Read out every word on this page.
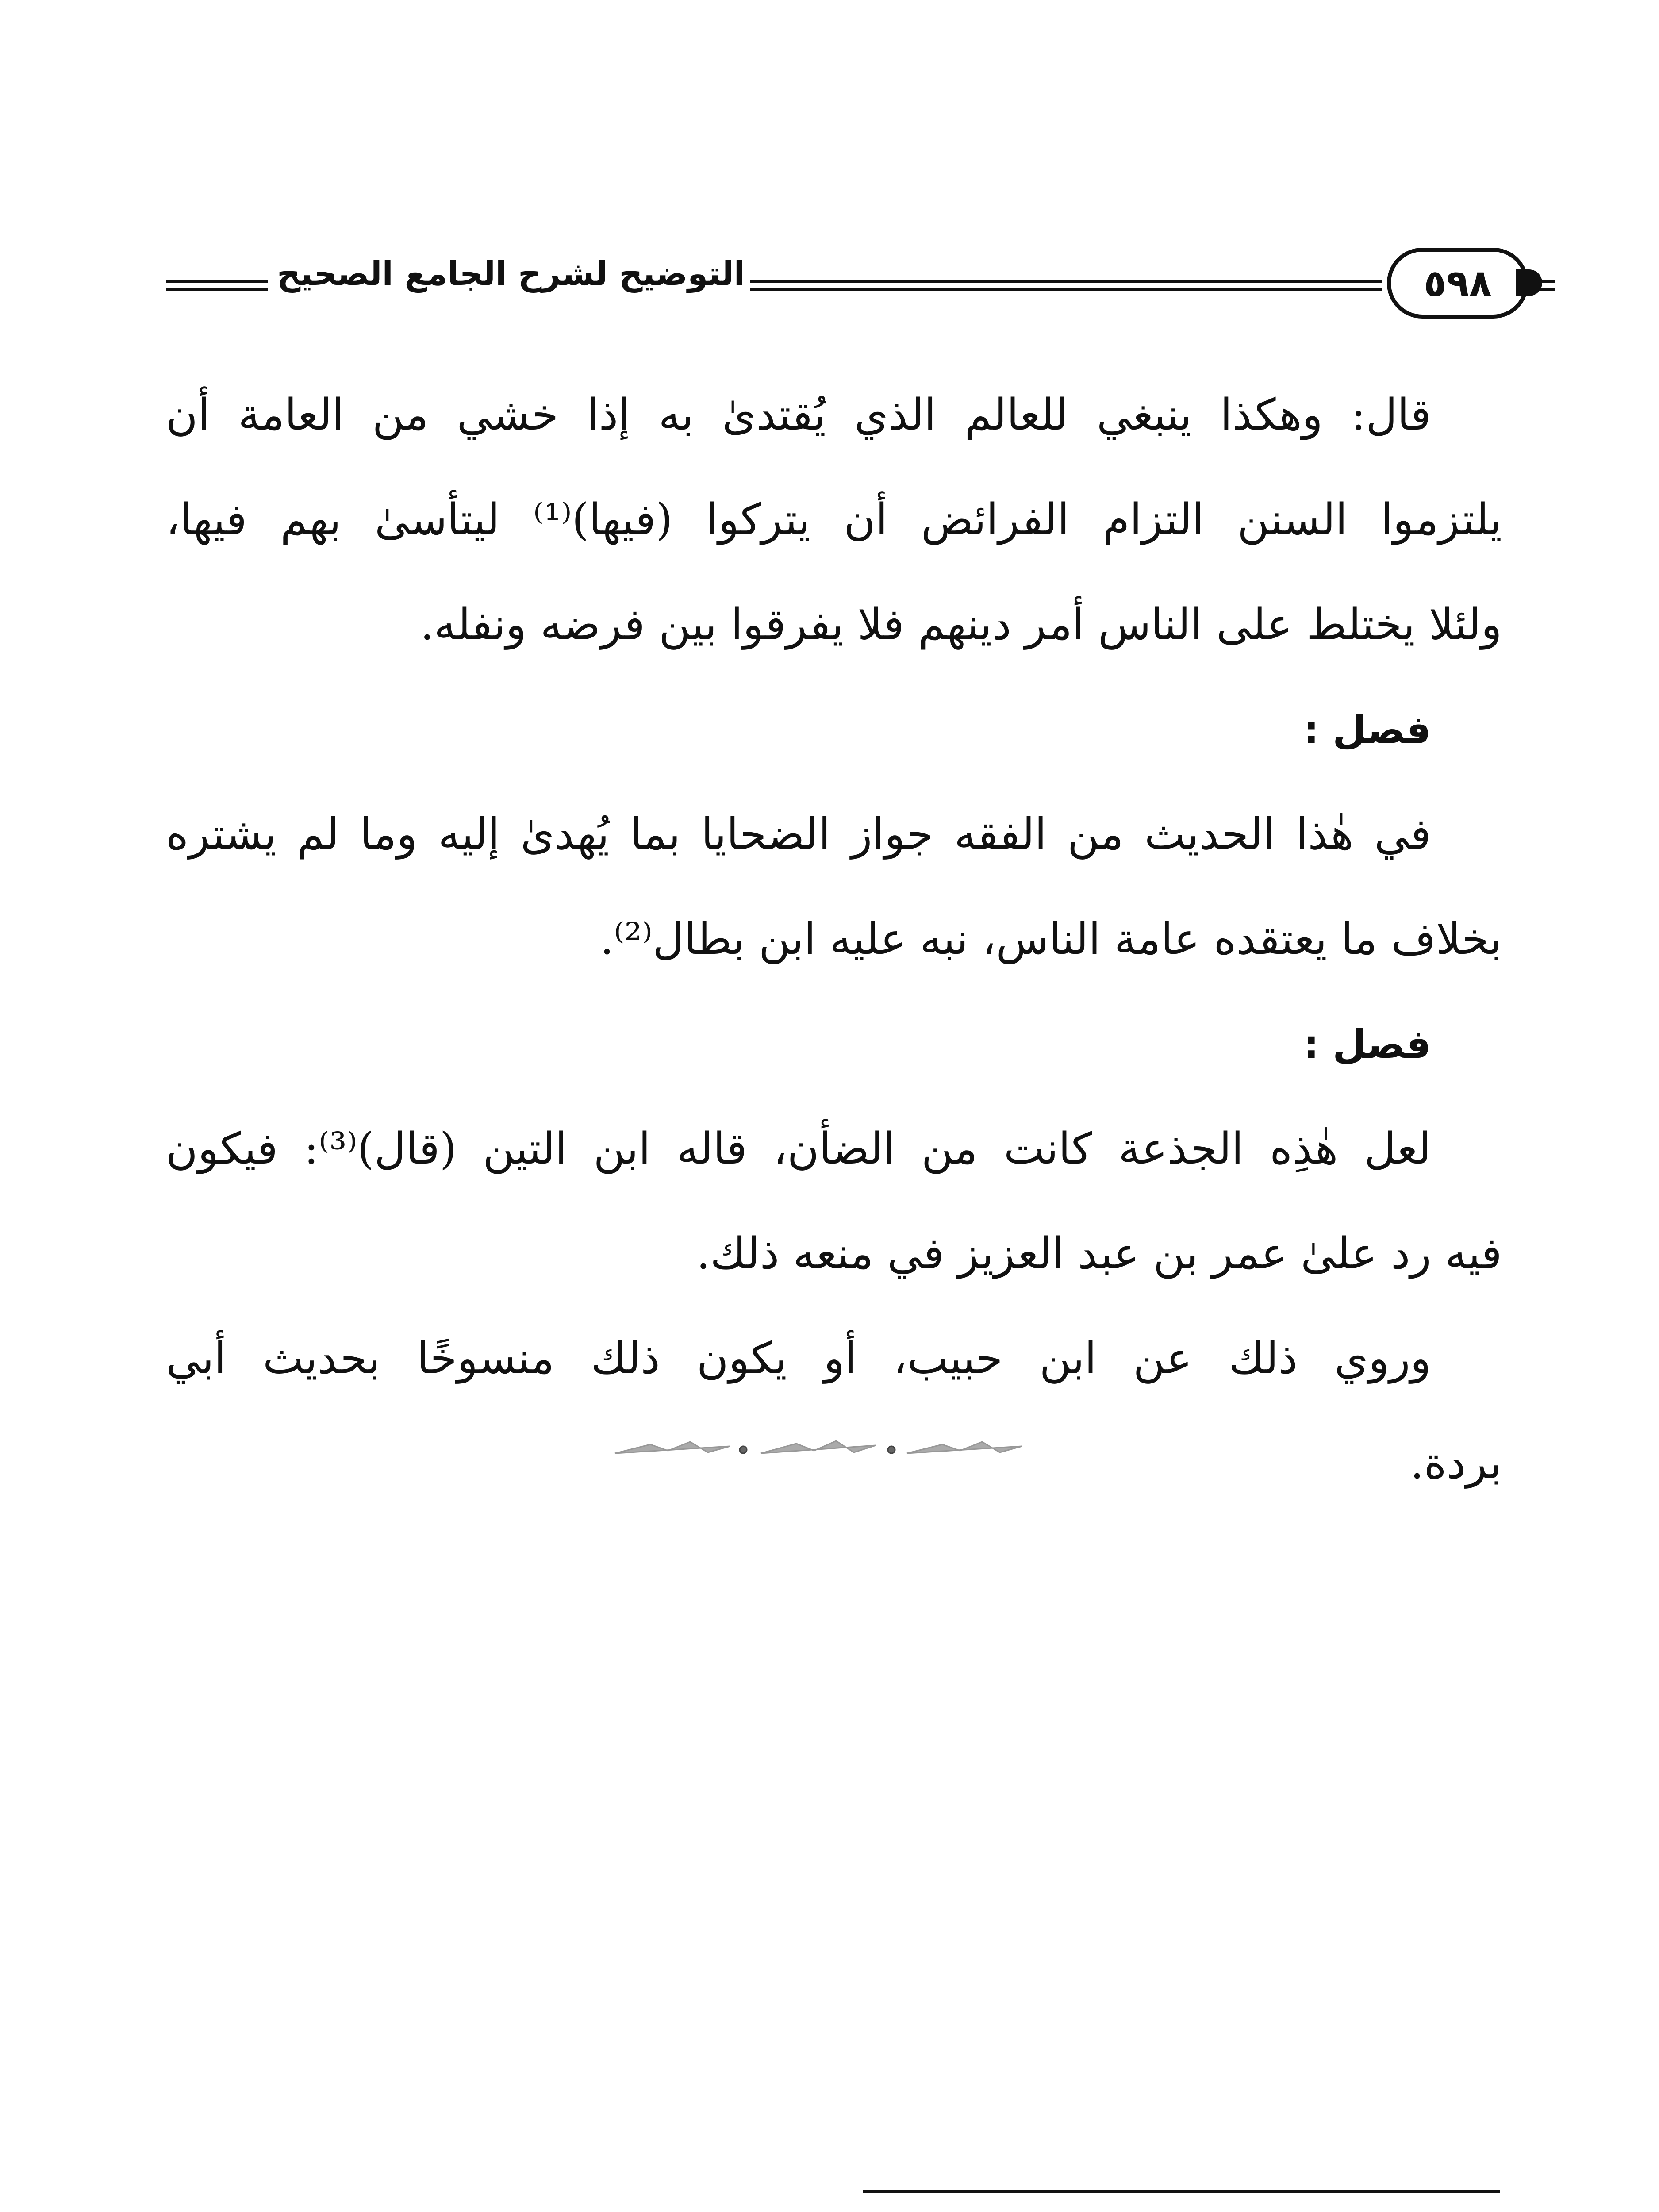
التوضيح لشرح الجامع الصحيح	٥٩٨
قال: وهكذا ينبغي للعالم الذي يُقتدىٰ به إذا خشي من العامة أن
يلتزموا السنن التزام الفرائض أن يتركوا (فيها)⁽¹⁾ ليتأسىٰ بهم فيها،
ولئلا يختلط على الناس أمر دينهم فلا يفرقوا بين فرضه ونفله.
فصل :
في هٰذا الحديث من الفقه جواز الضحايا بما يُهدىٰ إليه وما لم يشتره
بخلاف ما يعتقده عامة الناس، نبه عليه ابن بطال⁽²⁾.
فصل :
لعل هٰذِه الجذعة كانت من الضأن، قاله ابن التين (قال)⁽³⁾: فيكون
فيه رد علىٰ عمر بن عبد العزيز في منعه ذلك.
وروي ذلك عن ابن حبيب، أو يكون ذلك منسوخًا بحديث أبي
بردة.
